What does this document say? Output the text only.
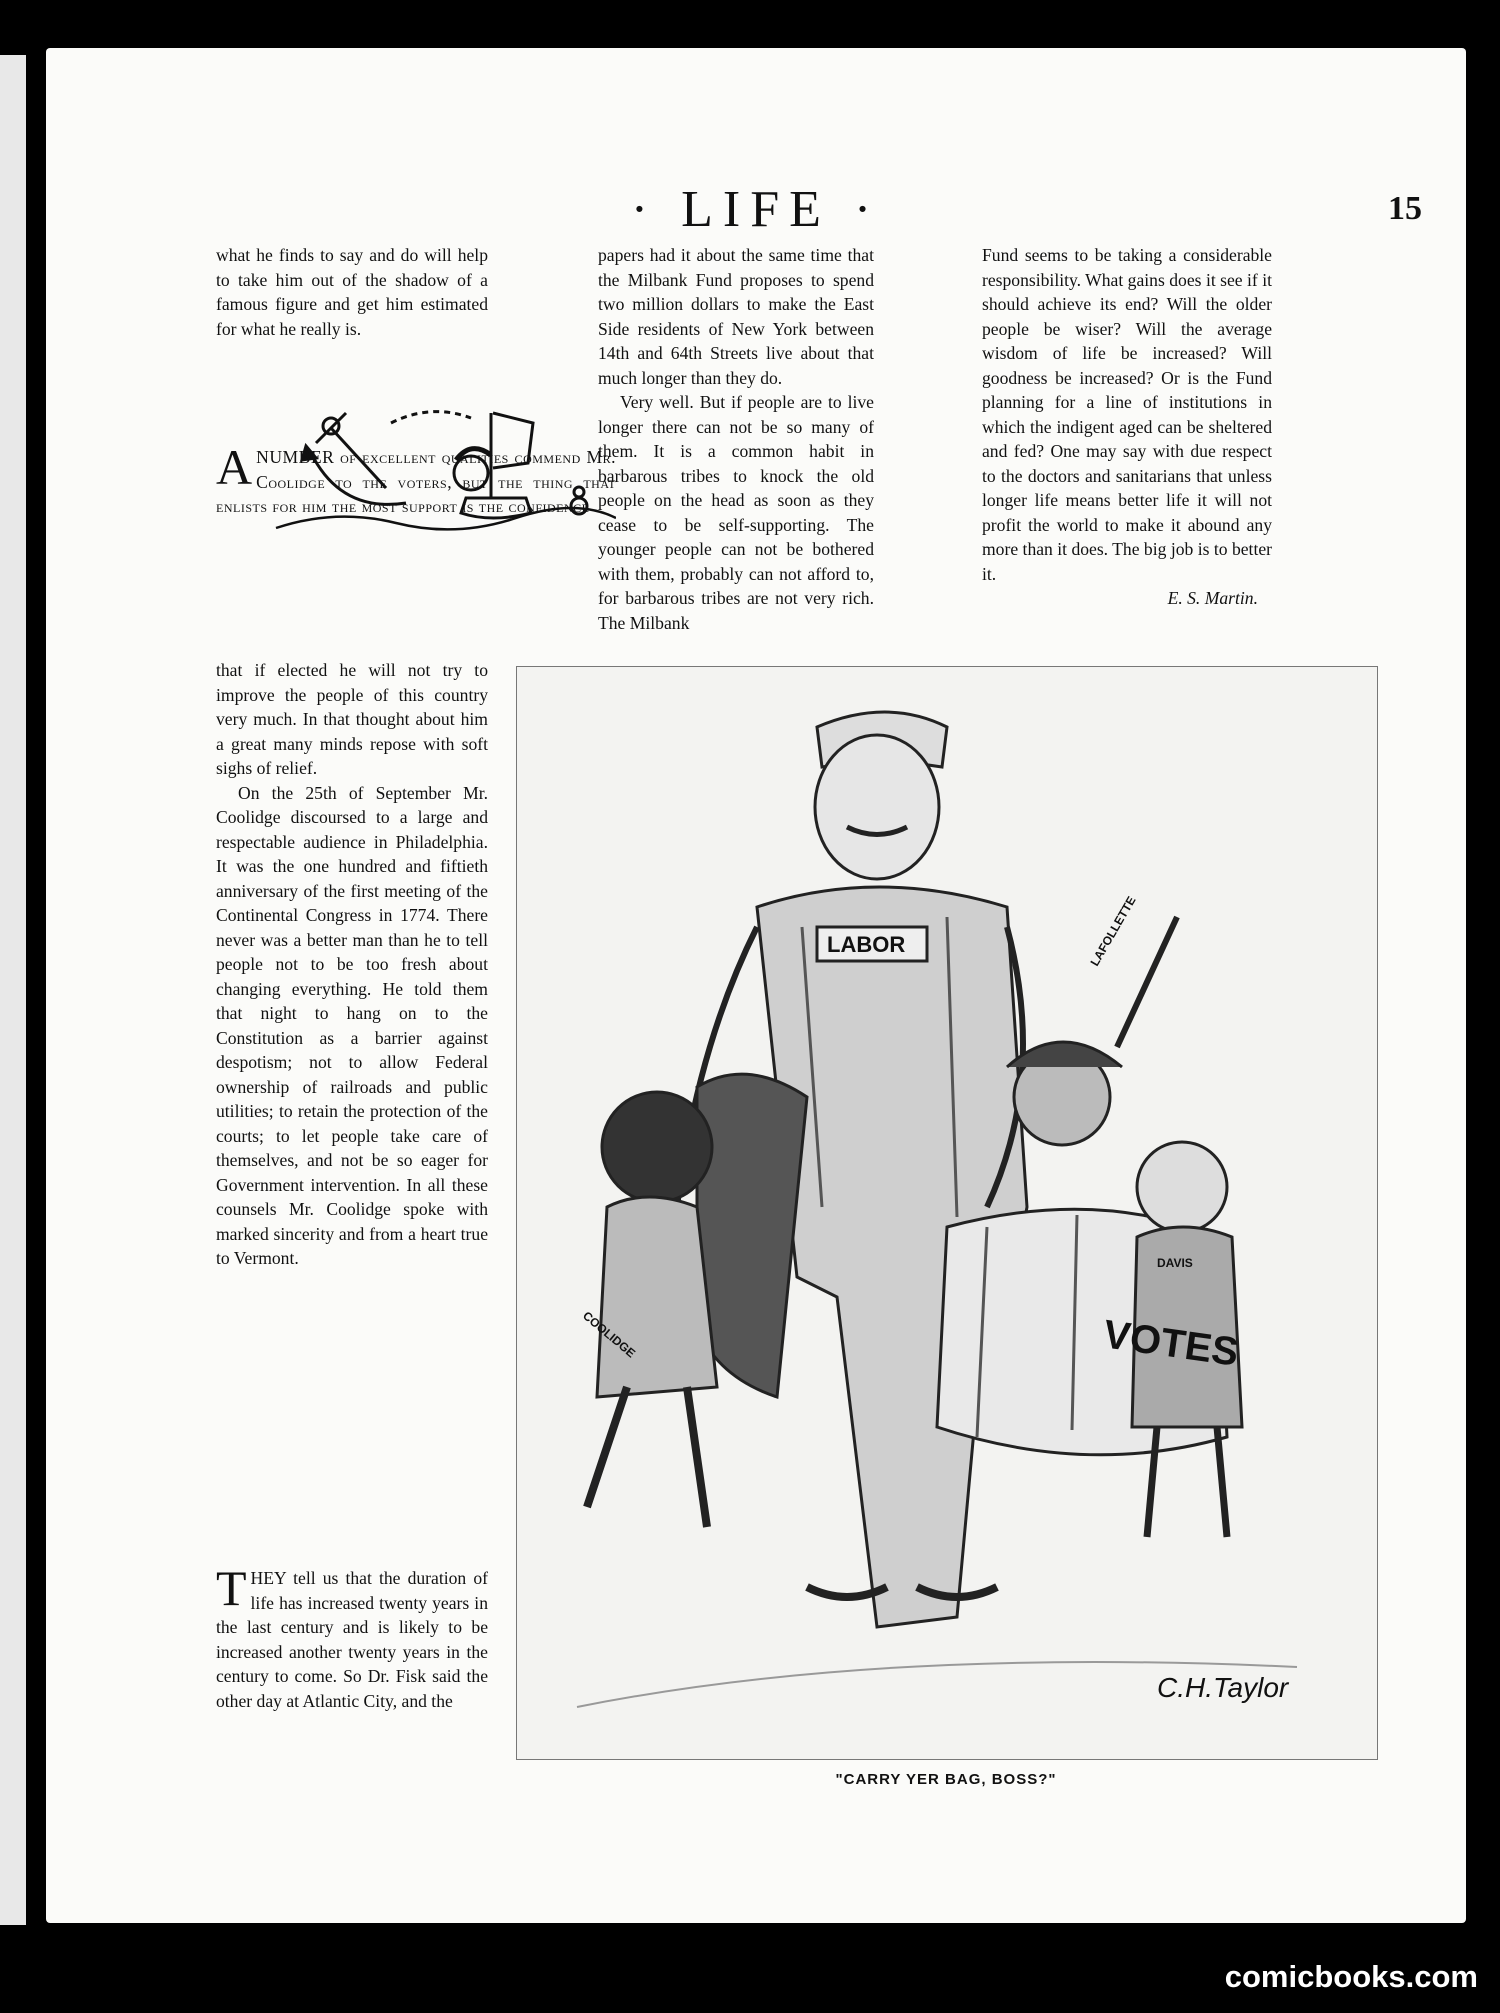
· LIFE ·	15

what he finds to say and do will help to take him out of the shadow of a famous figure and get him estimated for what he really is.

ANUMBER of excellent qualities commend Mr. Coolidge to the voters, but the thing that enlists for him the most support is the confidence

that if elected he will not try to improve the people of this country very much. In that thought about him a great many minds repose with soft sighs of relief.

On the 25th of September Mr. Coolidge discoursed to a large and respectable audience in Philadelphia. It was the one hundred and fiftieth anniversary of the first meeting of the Continental Congress in 1774. There never was a better man than he to tell people not to be too fresh about changing everything. He told them that night to hang on to the Constitution as a barrier against despotism; not to allow Federal ownership of railroads and public utilities; to retain the protection of the courts; to let people take care of themselves, and not be so eager for Government intervention. In all these counsels Mr. Coolidge spoke with marked sincerity and from a heart true to Vermont.

THEY tell us that the duration of life has increased twenty years in the last century and is likely to be increased another twenty years in the century to come. So Dr. Fisk said the other day at Atlantic City, and the

papers had it about the same time that the Milbank Fund proposes to spend two million dollars to make the East Side residents of New York between 14th and 64th Streets live about that much longer than they do.

Very well. But if people are to live longer there can not be so many of them. It is a common habit in barbarous tribes to knock the old people on the head as soon as they cease to be self-supporting. The younger people can not be bothered with them, probably can not afford to, for barbarous tribes are not very rich. The Milbank

Fund seems to be taking a considerable responsibility. What gains does it see if it should achieve its end? Will the older people be wiser? Will the average wisdom of life be increased? Will goodness be increased? Or is the Fund planning for a line of institutions in which the indigent aged can be sheltered and fed? One may say with due respect to the doctors and sanitarians that unless longer life means better life it will not profit the world to make it abound any more than it does. The big job is to better it.

E. S. Martin.

LABOR
VOTES
LAFOLLETTE
COOLIDGE
DAVIS
C.H.Taylor
"CARRY YER BAG, BOSS?"
comicbooks.com
